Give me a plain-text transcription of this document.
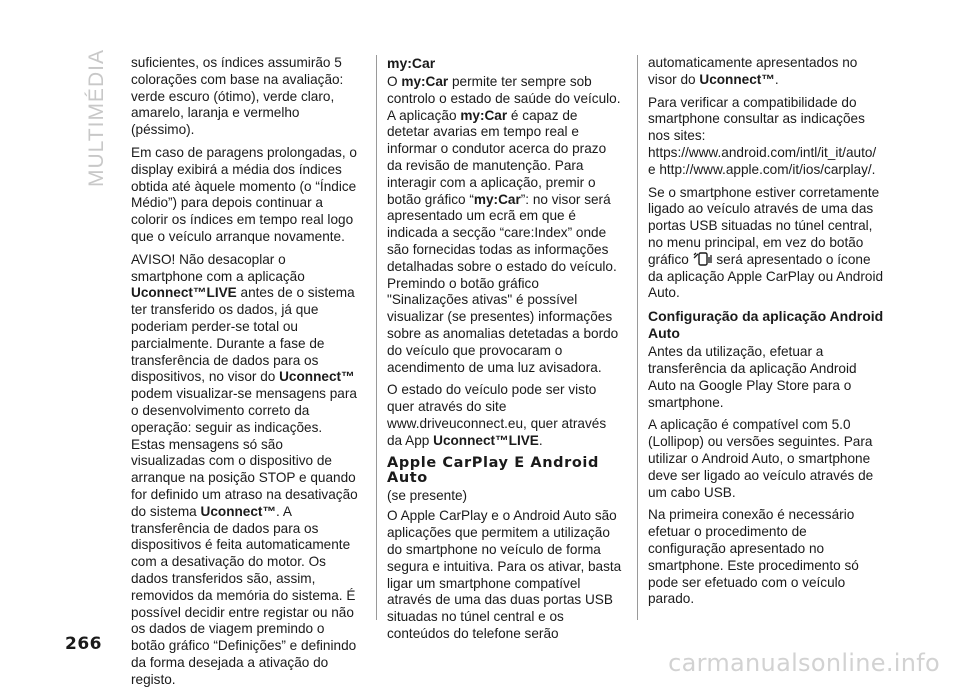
MULTIMÉDIA suficientes, os índices assumirão 5 colorações com base na avaliação: verde escuro (ótimo), verde claro, amarelo, laranja e vermelho (péssimo).

Em caso de paragens prolongadas, o display exibirá a média dos índices obtida até àquele momento (o “Índice Médio”) para depois continuar a colorir os índices em tempo real logo que o veículo arranque novamente.

AVISO! Não desacoplar o smartphone com a aplicação Uconnect™LIVE antes de o sistema ter transferido os dados, já que poderiam perder-se total ou parcialmente. Durante a fase de transferência de dados para os dispositivos, no visor do Uconnect™ podem visualizar-se mensagens para o desenvolvimento correto da operação: seguir as indicações. Estas mensagens só são visualizadas com o dispositivo de arranque na posição STOP e quando for definido um atraso na desativação do sistema Uconnect™. A transferência de dados para os dispositivos é feita automaticamente com a desativação do motor. Os dados transferidos são, assim, removidos da memória do sistema. É possível decidir entre registar ou não os dados de viagem premindo o botão gráfico “Definições” e definindo da forma desejada a ativação do registo.

my:Car

O my:Car permite ter sempre sob controlo o estado de saúde do veículo. A aplicação my:Car é capaz de detetar avarias em tempo real e informar o condutor acerca do prazo da revisão de manutenção. Para interagir com a aplicação, premir o botão gráfico “my:Car”: no visor será apresentado um ecrã em que é indicada a secção “care:Index” onde são fornecidas todas as informações detalhadas sobre o estado do veículo. Premindo o botão gráfico "Sinalizações ativas" é possível visualizar (se presentes) informações sobre as anomalias detetadas a bordo do veículo que provocaram o acendimento de uma luz avisadora.

O estado do veículo pode ser visto quer através do site www.driveuconnect.eu, quer através da App Uconnect™LIVE.

Apple CarPlay E Android Auto

(se presente)

O Apple CarPlay e o Android Auto são aplicações que permitem a utilização do smartphone no veículo de forma segura e intuitiva. Para os ativar, basta ligar um smartphone compatível através de uma das duas portas USB situadas no túnel central e os conteúdos do telefone serão

automaticamente apresentados no visor do Uconnect™.

Para verificar a compatibilidade do smartphone consultar as indicações nos sites: https://www.android.com/intl/it_it/auto/ e http://www.apple.com/it/ios/carplay/.

Se o smartphone estiver corretamente ligado ao veículo através de uma das portas USB situadas no túnel central, no menu principal, em vez do botão gráfico  será apresentado o ícone da aplicação Apple CarPlay ou Android Auto.

Configuração da aplicação Android Auto

Antes da utilização, efetuar a transferência da aplicação Android Auto na Google Play Store para o smartphone.

A aplicação é compatível com 5.0 (Lollipop) ou versões seguintes. Para utilizar o Android Auto, o smartphone deve ser ligado ao veículo através de um cabo USB.

Na primeira conexão é necessário efetuar o procedimento de configuração apresentado no smartphone. Este procedimento só pode ser efetuado com o veículo parado.

266
carmanualsonline.info
